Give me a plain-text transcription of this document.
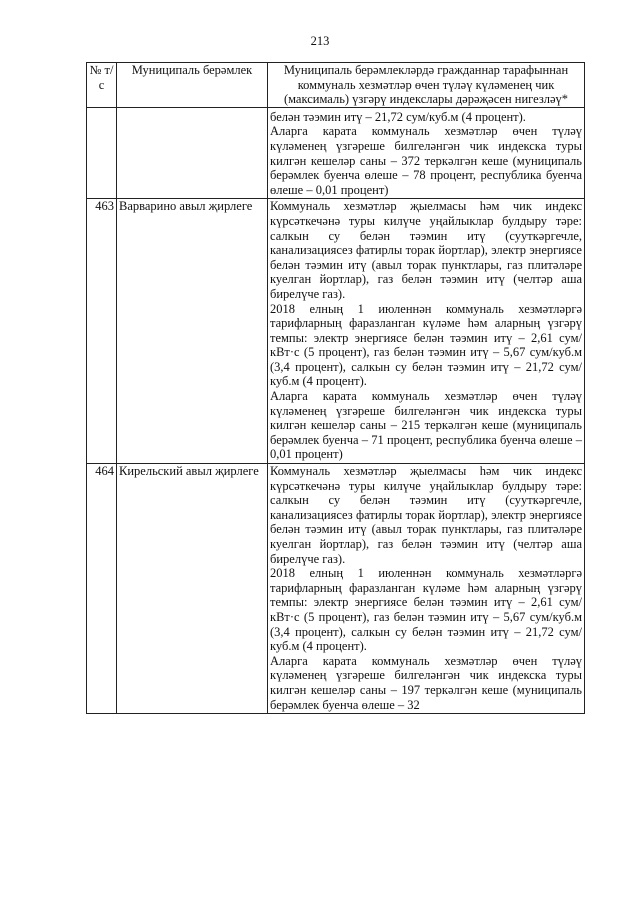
213
№ т/с	Муниципаль берәмлек	Муниципаль берәмлекләрдә гражданнар тарафыннан коммуналь хезмәтләр өчен түләү күләменең чик (максималь) үзгәрү индекслары дәрәҗәсен нигезләү*

		белән тәэмин итү – 21,72 сум/куб.м (4 процент).

Аларга карата коммуналь хезмәтләр өчен түләү күләменең үзгәреше билгеләнгән чик индекска туры килгән кешеләр саны – 372 теркәлгән кеше (муниципаль берәмлек буенча өлеше – 78 процент, республика буенча өлеше – 0,01 процент)

463	Варварино авыл җирлеге	Коммуналь хезмәтләр җыелмасы һәм чик индекс күрсәткечәнә туры килүче уңайлыклар булдыру тәре: салкын су белән тәэмин итү (сууткәргечле, канализациясез фатирлы торак йортлар), электр энергиясе белән тәэмин итү (авыл торак пунктлары, газ плитәләре куелган йортлар), газ белән тәэмин итү (челтәр аша бирелүче газ).

2018 елның 1 июленнән коммуналь хезмәтләргә тарифларның фаразланган күләме һәм аларның үзгәрү темпы: электр энергиясе белән тәэмин итү – 2,61 сум/кВт·с (5 процент), газ белән тәэмин итү – 5,67 сум/куб.м (3,4 процент), салкын су белән тәэмин итү – 21,72 сум/куб.м (4 процент).

Аларга карата коммуналь хезмәтләр өчен түләү күләменең үзгәреше билгеләнгән чик индекска туры килгән кешеләр саны – 215 теркәлгән кеше (муниципаль берәмлек буенча – 71 процент, республика буенча өлеше – 0,01 процент)

464	Кирельский авыл җирлеге	Коммуналь хезмәтләр җыелмасы һәм чик индекс күрсәткечәнә туры килүче уңайлыклар булдыру тәре: салкын су белән тәэмин итү (сууткәргечле, канализациясез фатирлы торак йортлар), электр энергиясе белән тәэмин итү (авыл торак пунктлары, газ плитәләре куелган йортлар), газ белән тәэмин итү (челтәр аша бирелүче газ).

2018 елның 1 июленнән коммуналь хезмәтләргә тарифларның фаразланган күләме һәм аларның үзгәрү темпы: электр энергиясе белән тәэмин итү – 2,61 сум/кВт·с (5 процент), газ белән тәэмин итү – 5,67 сум/куб.м (3,4 процент), салкын су белән тәэмин итү – 21,72 сум/куб.м (4 процент).

Аларга карата коммуналь хезмәтләр өчен түләү күләменең үзгәреше билгеләнгән чик индекска туры килгән кешеләр саны – 197 теркәлгән кеше (муниципаль берәмлек буенча өлеше – 32
